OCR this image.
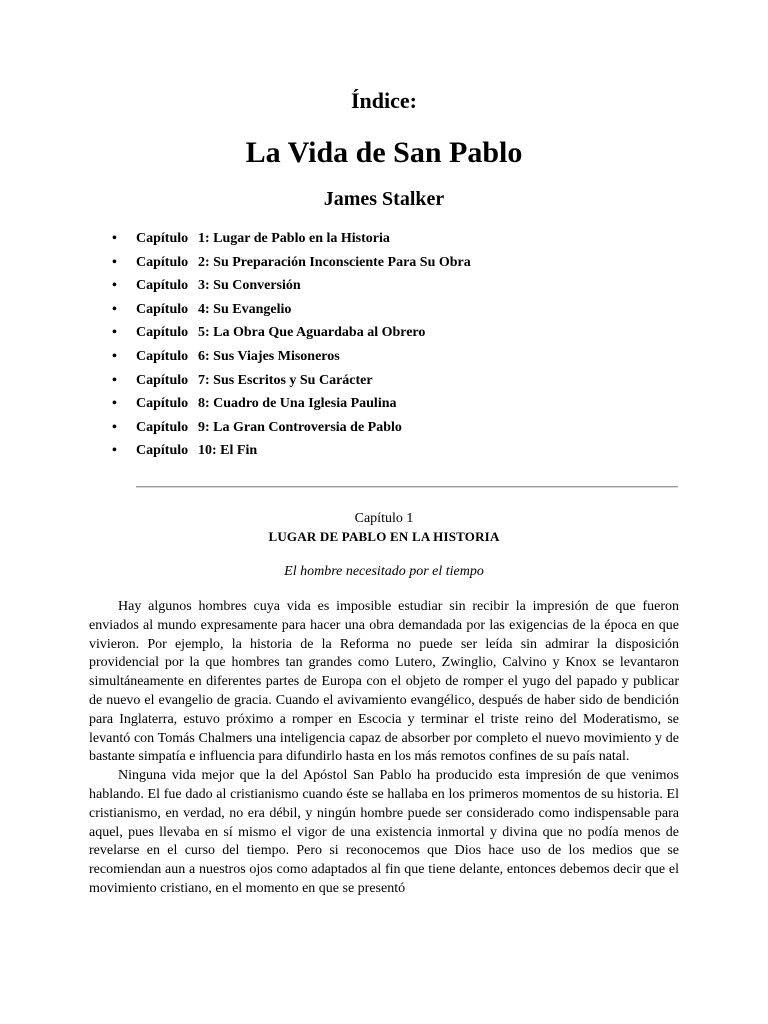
Índice:
La Vida de San Pablo
James Stalker
• Capítulo 1: Lugar de Pablo en la Historia
• Capítulo 2: Su Preparación Inconsciente Para Su Obra
• Capítulo 3: Su Conversión
• Capítulo 4: Su Evangelio
• Capítulo 5: La Obra Que Aguardaba al Obrero
• Capítulo 6: Sus Viajes Misoneros
• Capítulo 7: Sus Escritos y Su Carácter
• Capítulo 8: Cuadro de Una Iglesia Paulina
• Capítulo 9: La Gran Controversia de Pablo
• Capítulo 10: El Fin
Capítulo 1
LUGAR DE PABLO EN LA HISTORIA
El hombre necesitado por el tiempo

Hay algunos hombres cuya vida es imposible estudiar sin recibir la impresión de que fueron enviados al mundo expresamente para hacer una obra demandada por las exigencias de la época en que vivieron. Por ejemplo, la historia de la Reforma no puede ser leída sin admirar la disposición providencial por la que hombres tan grandes como Lutero, Zwinglio, Calvino y Knox se levantaron simultáneamente en diferentes partes de Europa con el objeto de romper el yugo del papado y publicar de nuevo el evangelio de gracia. Cuando el avivamiento evangélico, después de haber sido de bendición para Inglaterra, estuvo próximo a romper en Escocia y terminar el triste reino del Moderatismo, se levantó con Tomás Chalmers una inteligencia capaz de absorber por completo el nuevo movimiento y de bastante simpatía e influencia para difundirlo hasta en los más remotos confines de su país natal.

Ninguna vida mejor que la del Apóstol San Pablo ha producido esta impresión de que venimos hablando. El fue dado al cristianismo cuando éste se hallaba en los primeros momentos de su historia. El cristianismo, en verdad, no era débil, y ningún hombre puede ser considerado como indispensable para aquel, pues llevaba en sí mismo el vigor de una existencia inmortal y divina que no podía menos de revelarse en el curso del tiempo. Pero si reconocemos que Dios hace uso de los medios que se recomiendan aun a nuestros ojos como adaptados al fin que tiene delante, entonces debemos decir que el movimiento cristiano, en el momento en que se presentó
